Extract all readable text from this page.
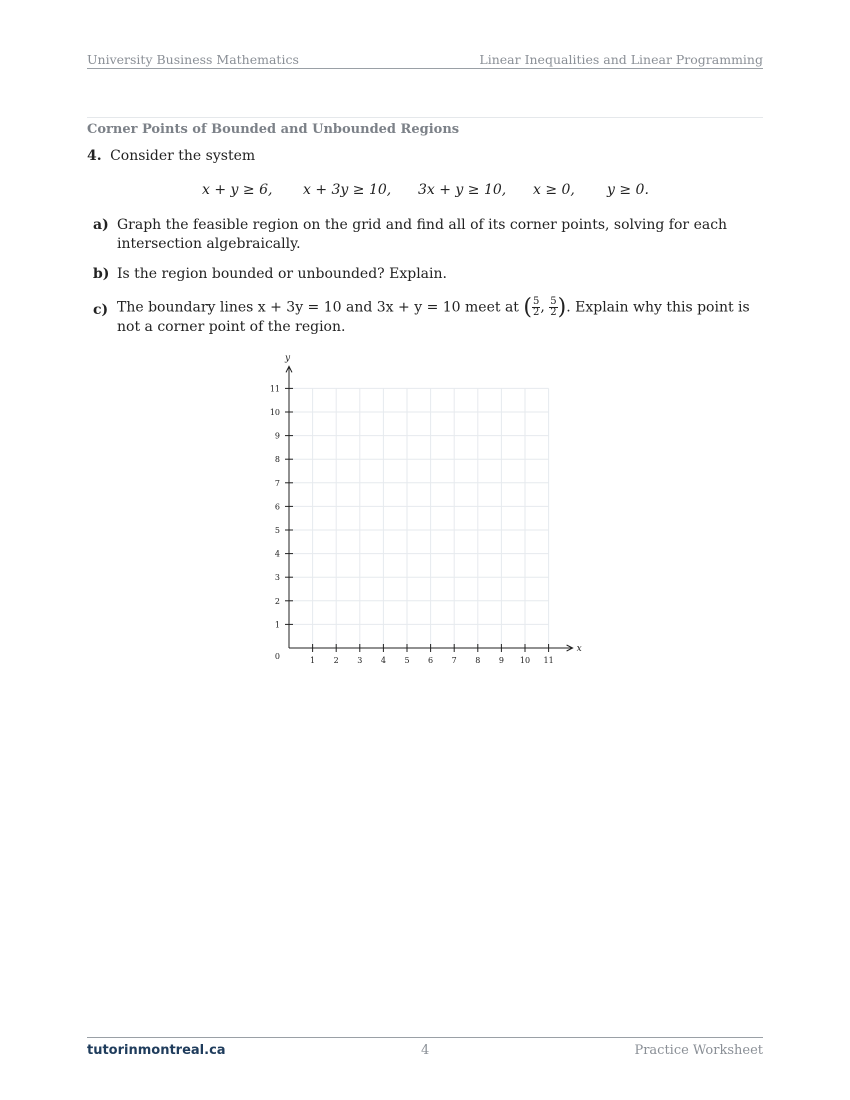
University Business Mathematics	Linear Inequalities and Linear Programming
Corner Points of Bounded and Unbounded Regions
4. Consider the system
x + y ≥ 6, x + 3y ≥ 10, 3x + y ≥ 10, x ≥ 0, y ≥ 0.
a) Graph the feasible region on the grid and find all of its corner points, solving for each intersection algebraically.
b) Is the region bounded or unbounded? Explain.
c) The boundary lines x + 3y = 10 and 3x + y = 10 meet at ( $\frac{5}{2}$ , $\frac{5}{2}$ ). Explain why this point is not a corner point of the region.
1 2 3 4 5 6 7 8 9 10 11
1
2
3
4
5
6
7
8
9
10
11
0
x
y
tutorinmontreal.ca	4	Practice Worksheet
